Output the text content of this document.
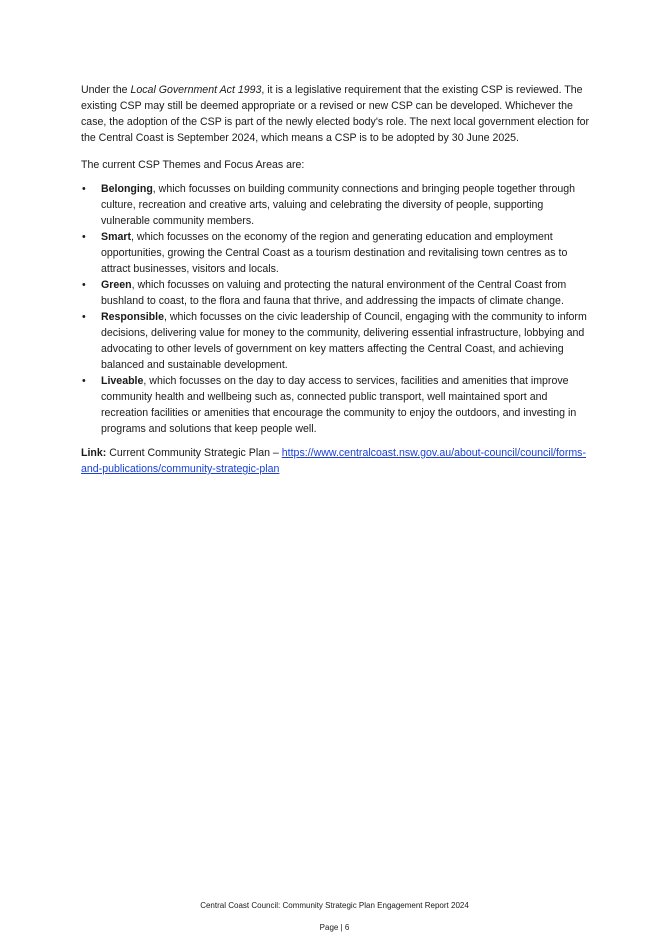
Under the Local Government Act 1993, it is a legislative requirement that the existing CSP is reviewed. The existing CSP may still be deemed appropriate or a revised or new CSP can be developed. Whichever the case, the adoption of the CSP is part of the newly elected body's role. The next local government election for the Central Coast is September 2024, which means a CSP is to be adopted by 30 June 2025.

The current CSP Themes and Focus Areas are:

• Belonging, which focusses on building community connections and bringing people together through culture, recreation and creative arts, valuing and celebrating the diversity of people, supporting vulnerable community members.
• Smart, which focusses on the economy of the region and generating education and employment opportunities, growing the Central Coast as a tourism destination and revitalising town centres as to attract businesses, visitors and locals.
• Green, which focusses on valuing and protecting the natural environment of the Central Coast from bushland to coast, to the flora and fauna that thrive, and addressing the impacts of climate change.
• Responsible, which focusses on the civic leadership of Council, engaging with the community to inform decisions, delivering value for money to the community, delivering essential infrastructure, lobbying and advocating to other levels of government on key matters affecting the Central Coast, and achieving balanced and sustainable development.
• Liveable, which focusses on the day to day access to services, facilities and amenities that improve community health and wellbeing such as, connected public transport, well maintained sport and recreation facilities or amenities that encourage the community to enjoy the outdoors, and investing in programs and solutions that keep people well.

Link: Current Community Strategic Plan – https://www.centralcoast.nsw.gov.au/about-council/council/forms-and-publications/community-strategic-plan

Central Coast Council: Community Strategic Plan Engagement Report 2024
Page | 6
